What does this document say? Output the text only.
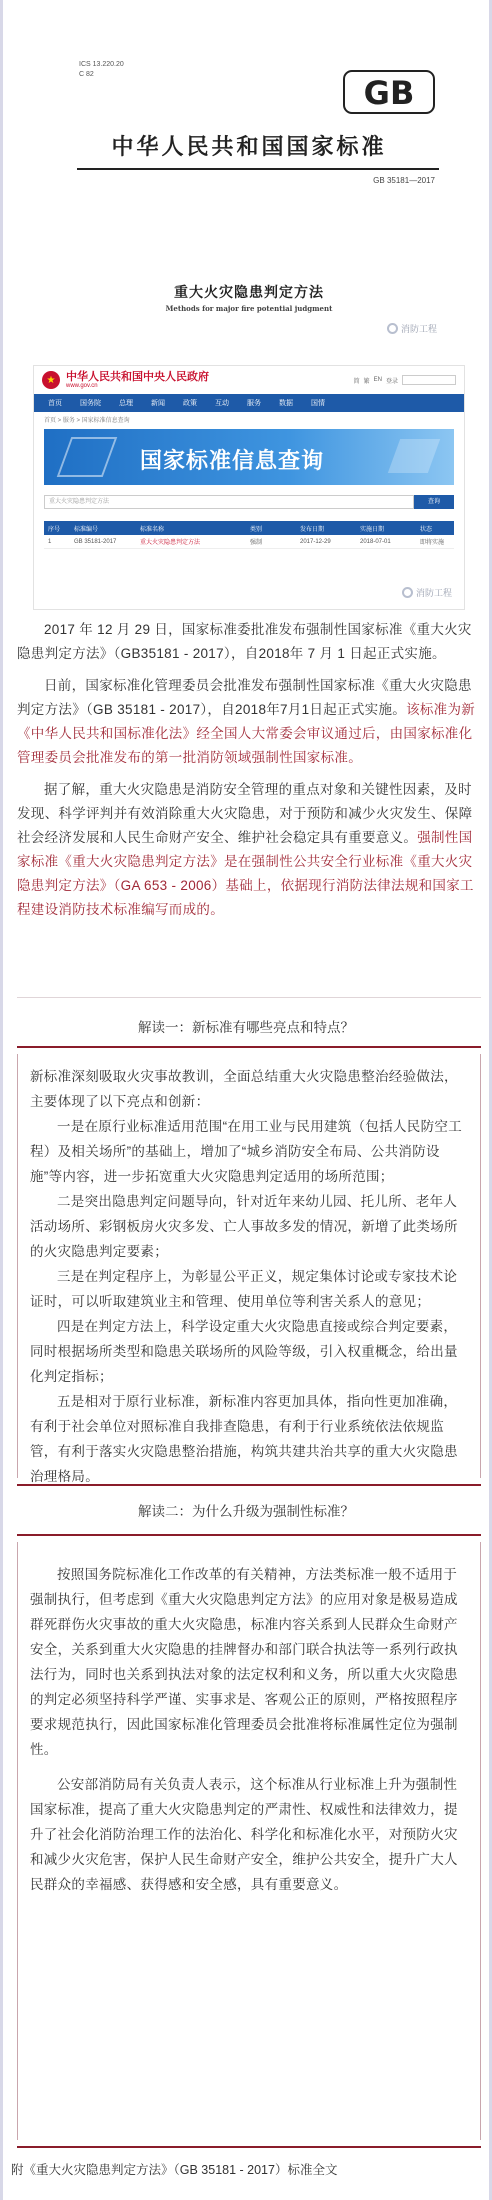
ICS 13.220.20
C 82	GB
中华人民共和国国家标准
GB 35181—2017
重大火灾隐患判定方法
Methods for major fire potential judgment
消防工程
★ 中华人民共和国中央人民政府
www.gov.cn
简 繁 EN 登录
首页	国务院	总理	新闻	政策	互动	服务	数据	国情
首页 > 服务 > 国家标准信息查询
国家标准信息查询
重大火灾隐患判定方法	查询
序号	标准编号	标准名称	类别	发布日期	实施日期	状态
1	GB 35181-2017	重大火灾隐患判定方法	强制	2017-12-29	2018-07-01	即将实施
消防工程

2017 年 12 月 29 日，国家标准委批准发布强制性国家标准《重大火灾隐患判定方法》（GB35181 - 2017），自2018年 7 月 1 日起正式实施。

日前，国家标准化管理委员会批准发布强制性国家标准《重大火灾隐患判定方法》（GB 35181 - 2017），自2018年7月1日起正式实施。该标准为新《中华人民共和国标准化法》经全国人大常委会审议通过后，由国家标准化管理委员会批准发布的第一批消防领域强制性国家标准。

据了解，重大火灾隐患是消防安全管理的重点对象和关键性因素，及时发现、科学评判并有效消除重大火灾隐患，对于预防和减少火灾发生、保障社会经济发展和人民生命财产安全、维护社会稳定具有重要意义。强制性国家标准《重大火灾隐患判定方法》是在强制性公共安全行业标准《重大火灾隐患判定方法》（GA 653 - 2006）基础上，依据现行消防法律法规和国家工程建设消防技术标准编写而成的。

解读一：新标准有哪些亮点和特点？

新标准深刻吸取火灾事故教训，全面总结重大火灾隐患整治经验做法，主要体现了以下亮点和创新：

一是在原行业标准适用范围“在用工业与民用建筑（包括人民防空工程）及相关场所”的基础上，增加了“城乡消防安全布局、公共消防设施”等内容，进一步拓宽重大火灾隐患判定适用的场所范围；

二是突出隐患判定问题导向，针对近年来幼儿园、托儿所、老年人活动场所、彩钢板房火灾多发、亡人事故多发的情况，新增了此类场所的火灾隐患判定要素；

三是在判定程序上，为彰显公平正义，规定集体讨论或专家技术论证时，可以听取建筑业主和管理、使用单位等利害关系人的意见；

四是在判定方法上，科学设定重大火灾隐患直接或综合判定要素，同时根据场所类型和隐患关联场所的风险等级，引入权重概念，给出量化判定指标；

五是相对于原行业标准，新标准内容更加具体，指向性更加准确，有利于社会单位对照标准自我排查隐患，有利于行业系统依法依规监管，有利于落实火灾隐患整治措施，构筑共建共治共享的重大火灾隐患治理格局。

解读二：为什么升级为强制性标准？

按照国务院标准化工作改革的有关精神，方法类标准一般不适用于强制执行，但考虑到《重大火灾隐患判定方法》的应用对象是极易造成群死群伤火灾事故的重大火灾隐患，标准内容关系到人民群众生命财产安全，关系到重大火灾隐患的挂牌督办和部门联合执法等一系列行政执法行为，同时也关系到执法对象的法定权利和义务，所以重大火灾隐患的判定必须坚持科学严谨、实事求是、客观公正的原则，严格按照程序要求规范执行，因此国家标准化管理委员会批准将标准属性定位为强制性。

公安部消防局有关负责人表示，这个标准从行业标准上升为强制性国家标准，提高了重大火灾隐患判定的严肃性、权威性和法律效力，提升了社会化消防治理工作的法治化、科学化和标准化水平，对预防火灾和减少火灾危害，保护人民生命财产安全，维护公共安全，提升广大人民群众的幸福感、获得感和安全感，具有重要意义。

附《重大火灾隐患判定方法》（GB 35181 - 2017）标准全文
